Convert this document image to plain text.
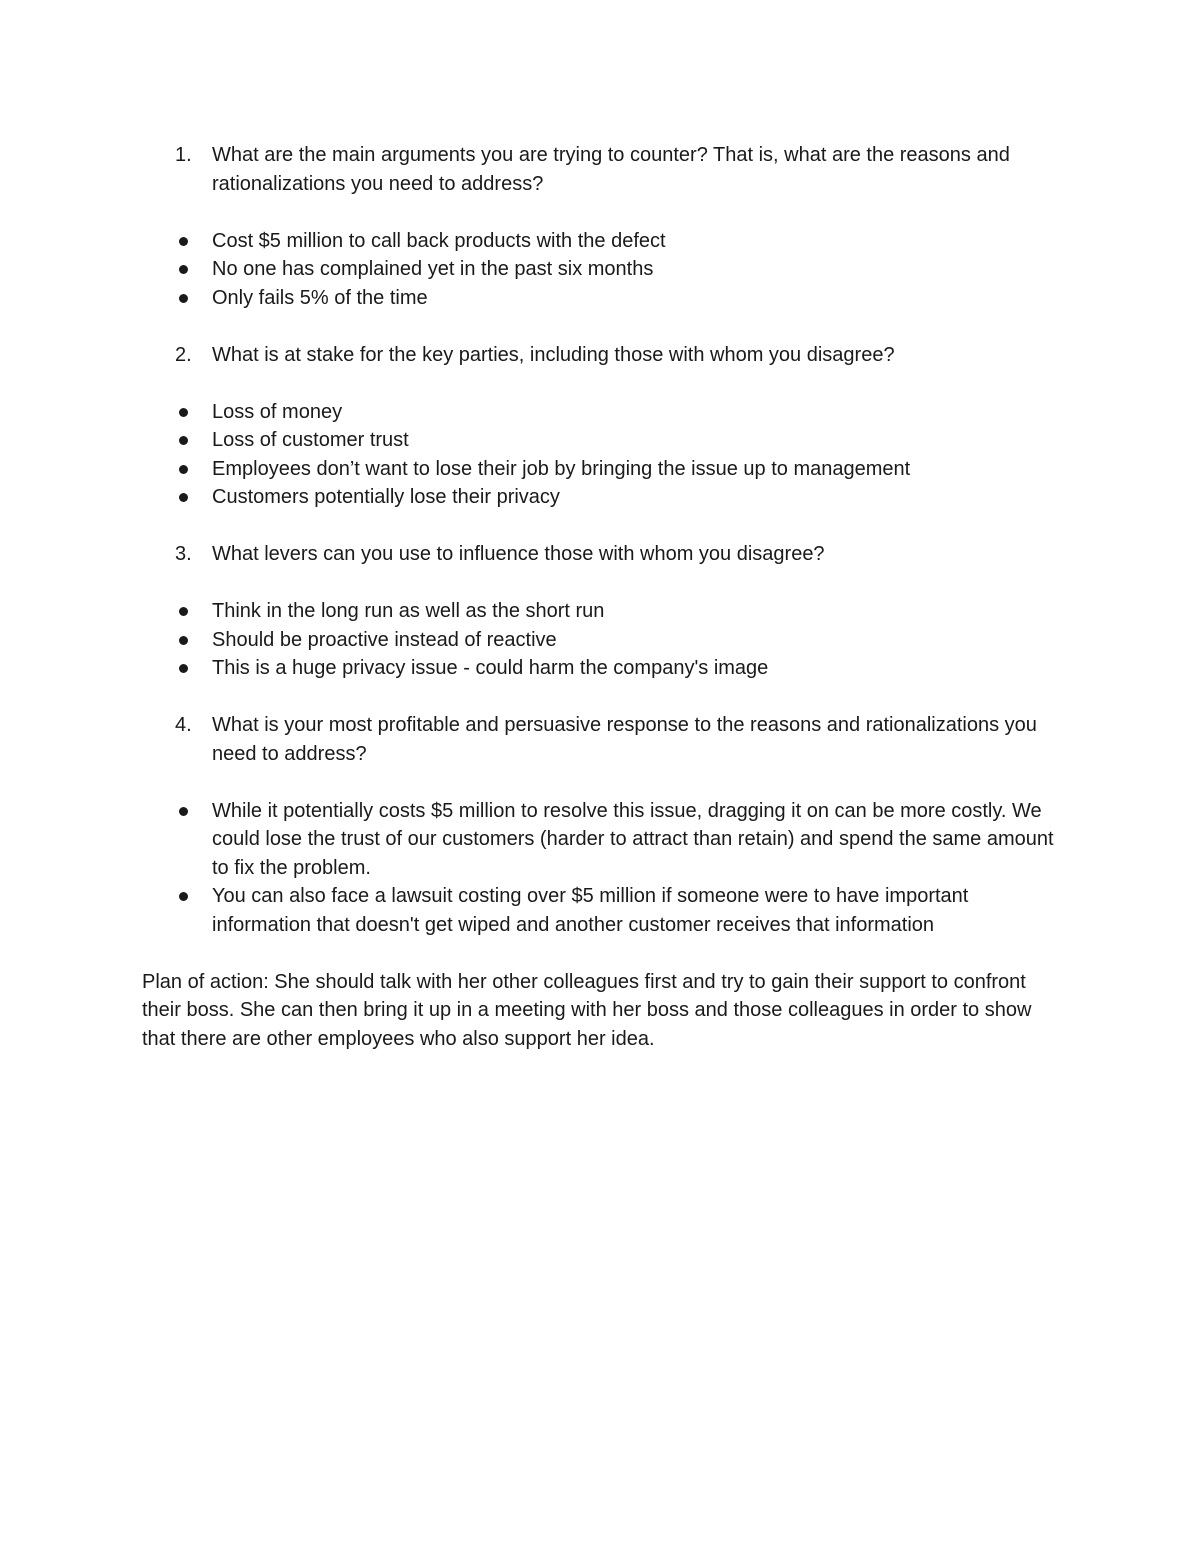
1. What are the main arguments you are trying to counter? That is, what are the reasons and rationalizations you need to address?

Cost $5 million to call back products with the defect
No one has complained yet in the past six months
Only fails 5% of the time

2. What is at stake for the key parties, including those with whom you disagree?

Loss of money
Loss of customer trust
Employees don’t want to lose their job by bringing the issue up to management
Customers potentially lose their privacy

3. What levers can you use to influence those with whom you disagree?

Think in the long run as well as the short run
Should be proactive instead of reactive
This is a huge privacy issue - could harm the company's image

4. What is your most profitable and persuasive response to the reasons and rationalizations you need to address?

While it potentially costs $5 million to resolve this issue, dragging it on can be more costly. We could lose the trust of our customers (harder to attract than retain) and spend the same amount to fix the problem.
You can also face a lawsuit costing over $5 million if someone were to have important information that doesn't get wiped and another customer receives that information

Plan of action: She should talk with her other colleagues first and try to gain their support to confront their boss. She can then bring it up in a meeting with her boss and those colleagues in order to show that there are other employees who also support her idea.
